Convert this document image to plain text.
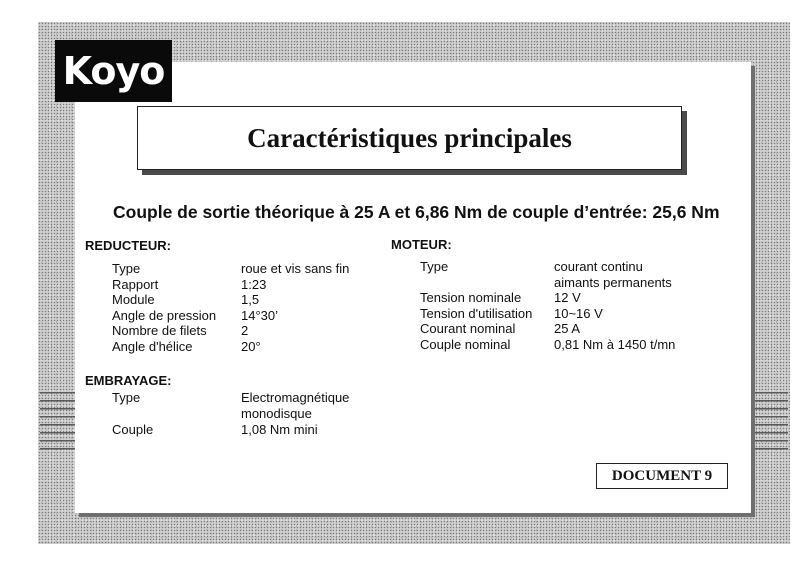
Koyo
Caractéristiques principales
Couple de sortie théorique à 25 A et 6,86 Nm de couple d’entrée: 25,6 Nm
REDUCTEUR:
Type	roue et vis sans fin
Rapport	1:23
Module	1,5
Angle de pression	14°30’
Nombre de filets	2
Angle d'hélice	20°
EMBRAYAGE:
Type	Electromagnétique
monodisque
Couple	1,08 Nm mini
MOTEUR:
Type	courant continu
aimants permanents
Tension nominale	12 V
Tension d'utilisation	10~16 V
Courant nominal	25 A
Couple nominal	0,81 Nm à 1450 t/mn
DOCUMENT 9
